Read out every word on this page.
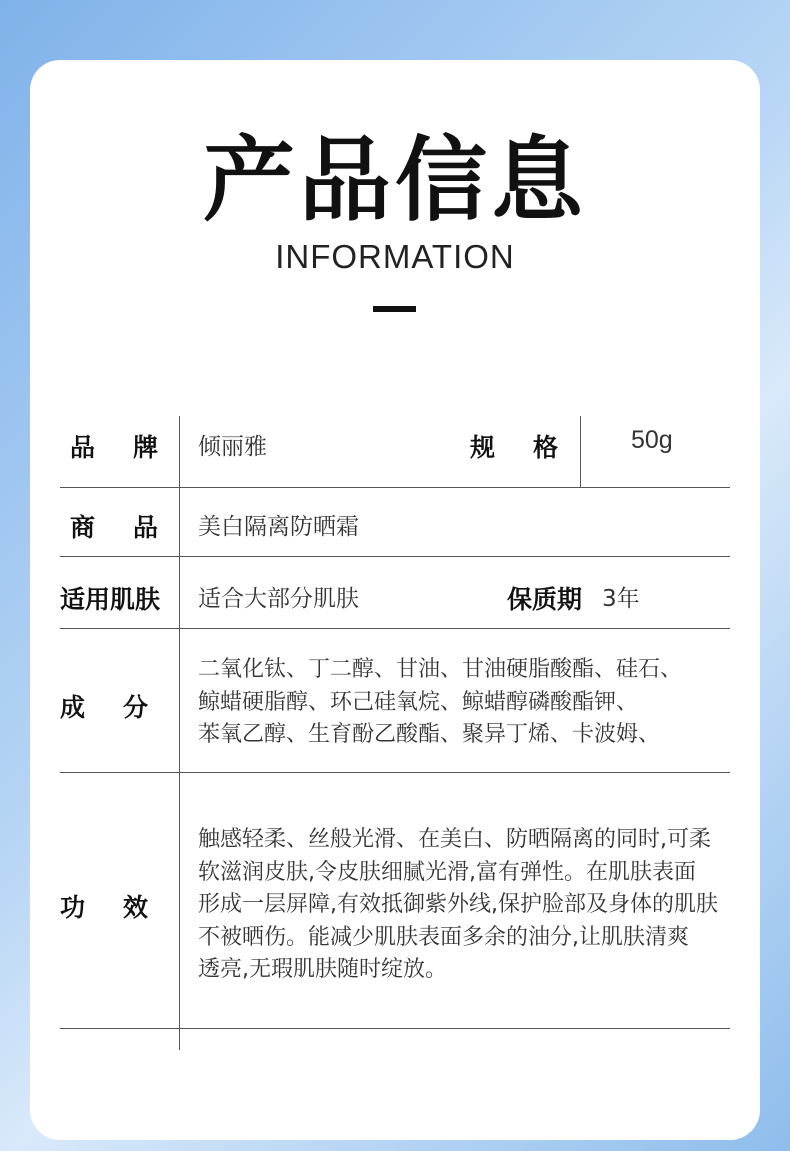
产品信息
INFORMATION
品牌 倾丽雅	规格 50g
商品 美白隔离防晒霜
适用肌肤 适合大部分肌肤	保质期 3年
成分
二氧化钛、丁二醇、甘油、甘油硬脂酸酯、硅石、
鲸蜡硬脂醇、环己硅氧烷、鲸蜡醇磷酸酯钾、
苯氧乙醇、生育酚乙酸酯、聚异丁烯、卡波姆、
功效
触感轻柔、丝般光滑、在美白、防晒隔离的同时,可柔
软滋润皮肤,令皮肤细腻光滑,富有弹性。在肌肤表面
形成一层屏障,有效抵御紫外线,保护脸部及身体的肌肤
不被晒伤。能减少肌肤表面多余的油分,让肌肤清爽
透亮,无瑕肌肤随时绽放。
